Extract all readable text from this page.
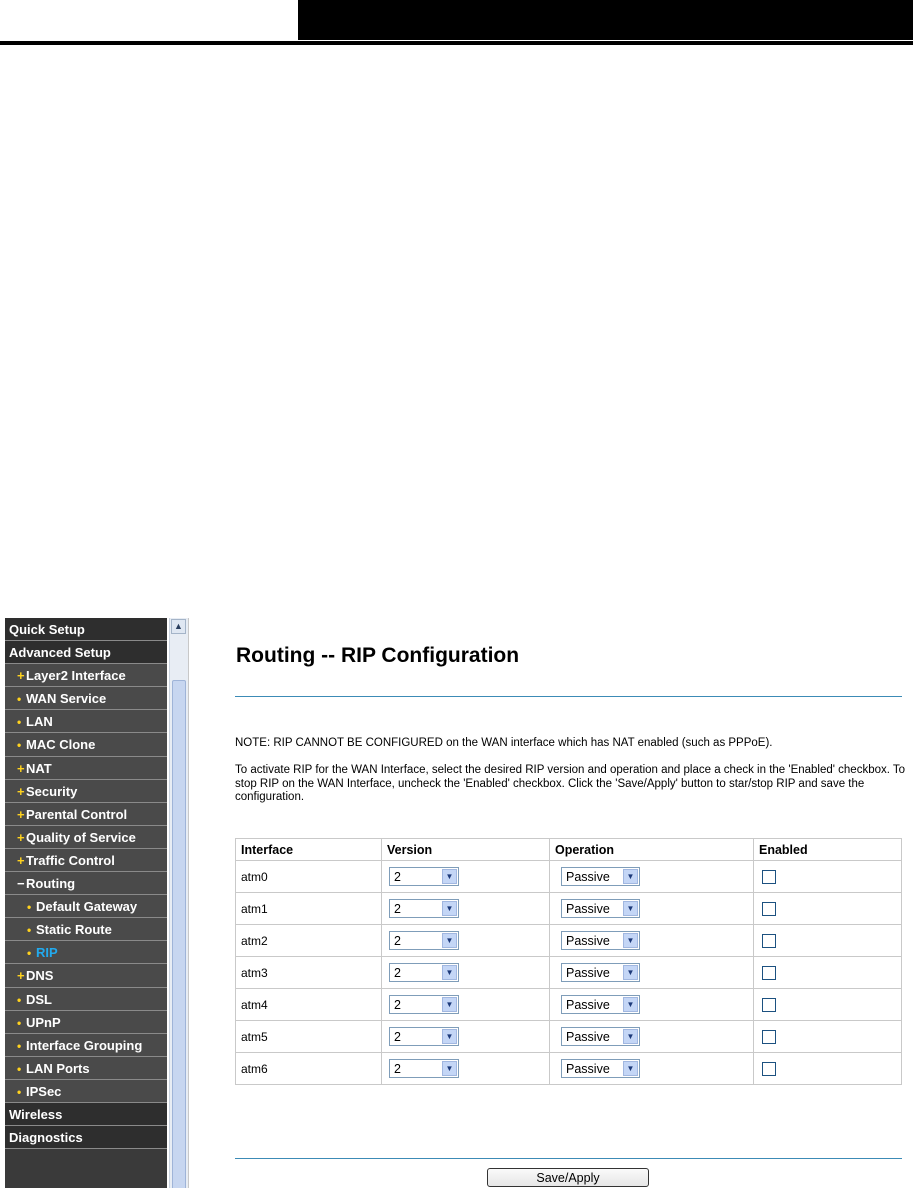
Quick Setup
Advanced Setup
+Layer2 Interface
• WAN Service
• LAN
• MAC Clone
+NAT
+Security
+Parental Control
+Quality of Service
+Traffic Control
−Routing
• Default Gateway
• Static Route
• RIP
+DNS
• DSL
• UPnP
• Interface Grouping
• LAN Ports
• IPSec
Wireless
Diagnostics
▲
Routing -- RIP Configuration
NOTE: RIP CANNOT BE CONFIGURED on the WAN interface which has NAT enabled (such as PPPoE).
To activate RIP for the WAN Interface, select the desired RIP version and operation and place a check in the 'Enabled' checkbox. To stop RIP on the WAN Interface, uncheck the 'Enabled' checkbox. Click the 'Save/Apply' button to star/stop RIP and save the configuration.
Interface	Version	Operation	Enabled
atm0	2 ▼	Passive ▼	

atm1	2 ▼	Passive ▼	

atm2	2 ▼	Passive ▼	

atm3	2 ▼	Passive ▼	

atm4	2 ▼	Passive ▼	

atm5	2 ▼	Passive ▼	

atm6	2 ▼	Passive ▼	

Save/Apply
